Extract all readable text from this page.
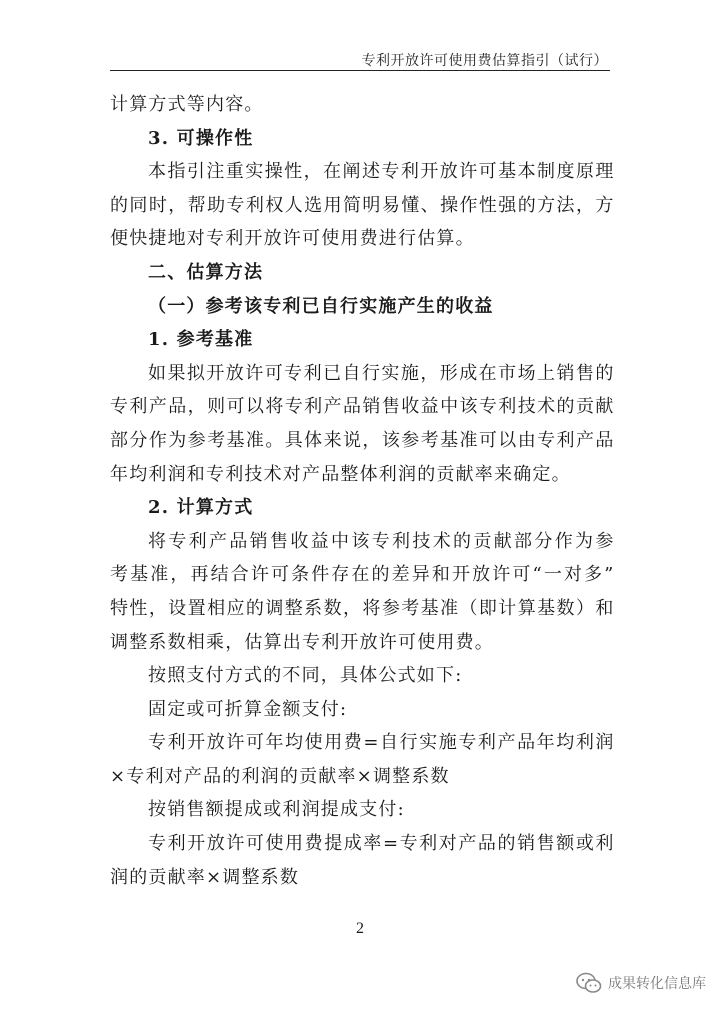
专利开放许可使用费估算指引（试行）
计算方式等内容。
3. 可操作性
本指引注重实操性，在阐述专利开放许可基本制度原理
的同时，帮助专利权人选用简明易懂、操作性强的方法，方
便快捷地对专利开放许可使用费进行估算。
二、估算方法
（一）参考该专利已自行实施产生的收益
1. 参考基准
如果拟开放许可专利已自行实施，形成在市场上销售的
专利产品，则可以将专利产品销售收益中该专利技术的贡献
部分作为参考基准。具体来说，该参考基准可以由专利产品
年均利润和专利技术对产品整体利润的贡献率来确定。
2. 计算方式
将专利产品销售收益中该专利技术的贡献部分作为参
考基准，再结合许可条件存在的差异和开放许可“一对多”
特性，设置相应的调整系数，将参考基准（即计算基数）和
调整系数相乘，估算出专利开放许可使用费。
按照支付方式的不同，具体公式如下:
固定或可折算金额支付:
专利开放许可年均使用费=自行实施专利产品年均利润
×专利对产品的利润的贡献率×调整系数
按销售额提成或利润提成支付:
专利开放许可使用费提成率=专利对产品的销售额或利
润的贡献率×调整系数
2
成果转化信息库
